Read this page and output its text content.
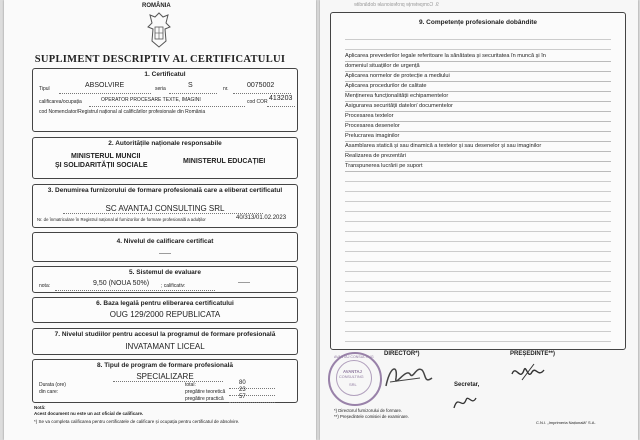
ROMÂNIA
SUPLIMENT DESCRIPTIV AL CERTIFICATULUI
1. Certificatul
Tipul	ABSOLVIRE	seria	S	nr.	0075002
calificarea/ocupația	OPERATOR PROCESARE TEXTE, IMAGINI	cod COR 413203
cod Nomenclator/Registrul național al calificărilor profesionale din România
2. Autoritățile naționale responsabile
MINISTERUL MUNCII
ȘI SOLIDARITĂȚII SOCIALE
MINISTERUL EDUCAȚIEI
3. Denumirea furnizorului de formare profesională care a eliberat certificatul
SC AVANTAJ CONSULTING SRL
Nr. de înmatriculare în Registrul național al furnizorilor de formare profesională a adulților	40/313/01.02.2023
4. Nivelul de calificare certificat
——
5. Sistemul de evaluare
nota:	9,50 (NOUA 50%) ; calificativ:	——
6. Baza legală pentru eliberarea certificatului
OUG 129/2000 REPUBLICATA
7. Nivelul studiilor pentru accesul la programul de formare profesională
INVATAMANT LICEAL
8. Tipul de program de formare profesională
SPECIALIZARE
Durata (ore)
din care:
total:	80
pregătire teoretică 23
pregătire practică	57
Notă:
Acest document nu este un act oficial de calificare.
*) Se va completa calificarea pentru certificatele de calificare și ocupația pentru certificatul de absolvire.
9. Competențe profesionale dobândite
9. Competențe profesionale dobândite
Aplicarea prevederilor legale referitoare la sănătatea și securitatea în muncă și în
domeniul situațiilor de urgență
Aplicarea normelor de protecție a mediului
Aplicarea procedurilor de calitate
Menținerea funcționalității echipamentelor
Asigurarea securității datelor/ documentelor
Procesarea textelor
Procesarea desenelor
Prelucrarea imaginilor
Asamblarea statică și sau dinamică a textelor și sau desenelor și sau imaginilor
Realizarea de prezentări
Transpunerea lucrării pe suport
DIRECTOR*)	PREȘEDINTE**)
AVANTAJ CONSULTING
AVANTAJ
CONSULTING
SRL	Secretar,
*) Directorul furnizorului de formare.
**) Președintele comisiei de examinare.
C.N.I. „Imprimeria Națională” S.A.
